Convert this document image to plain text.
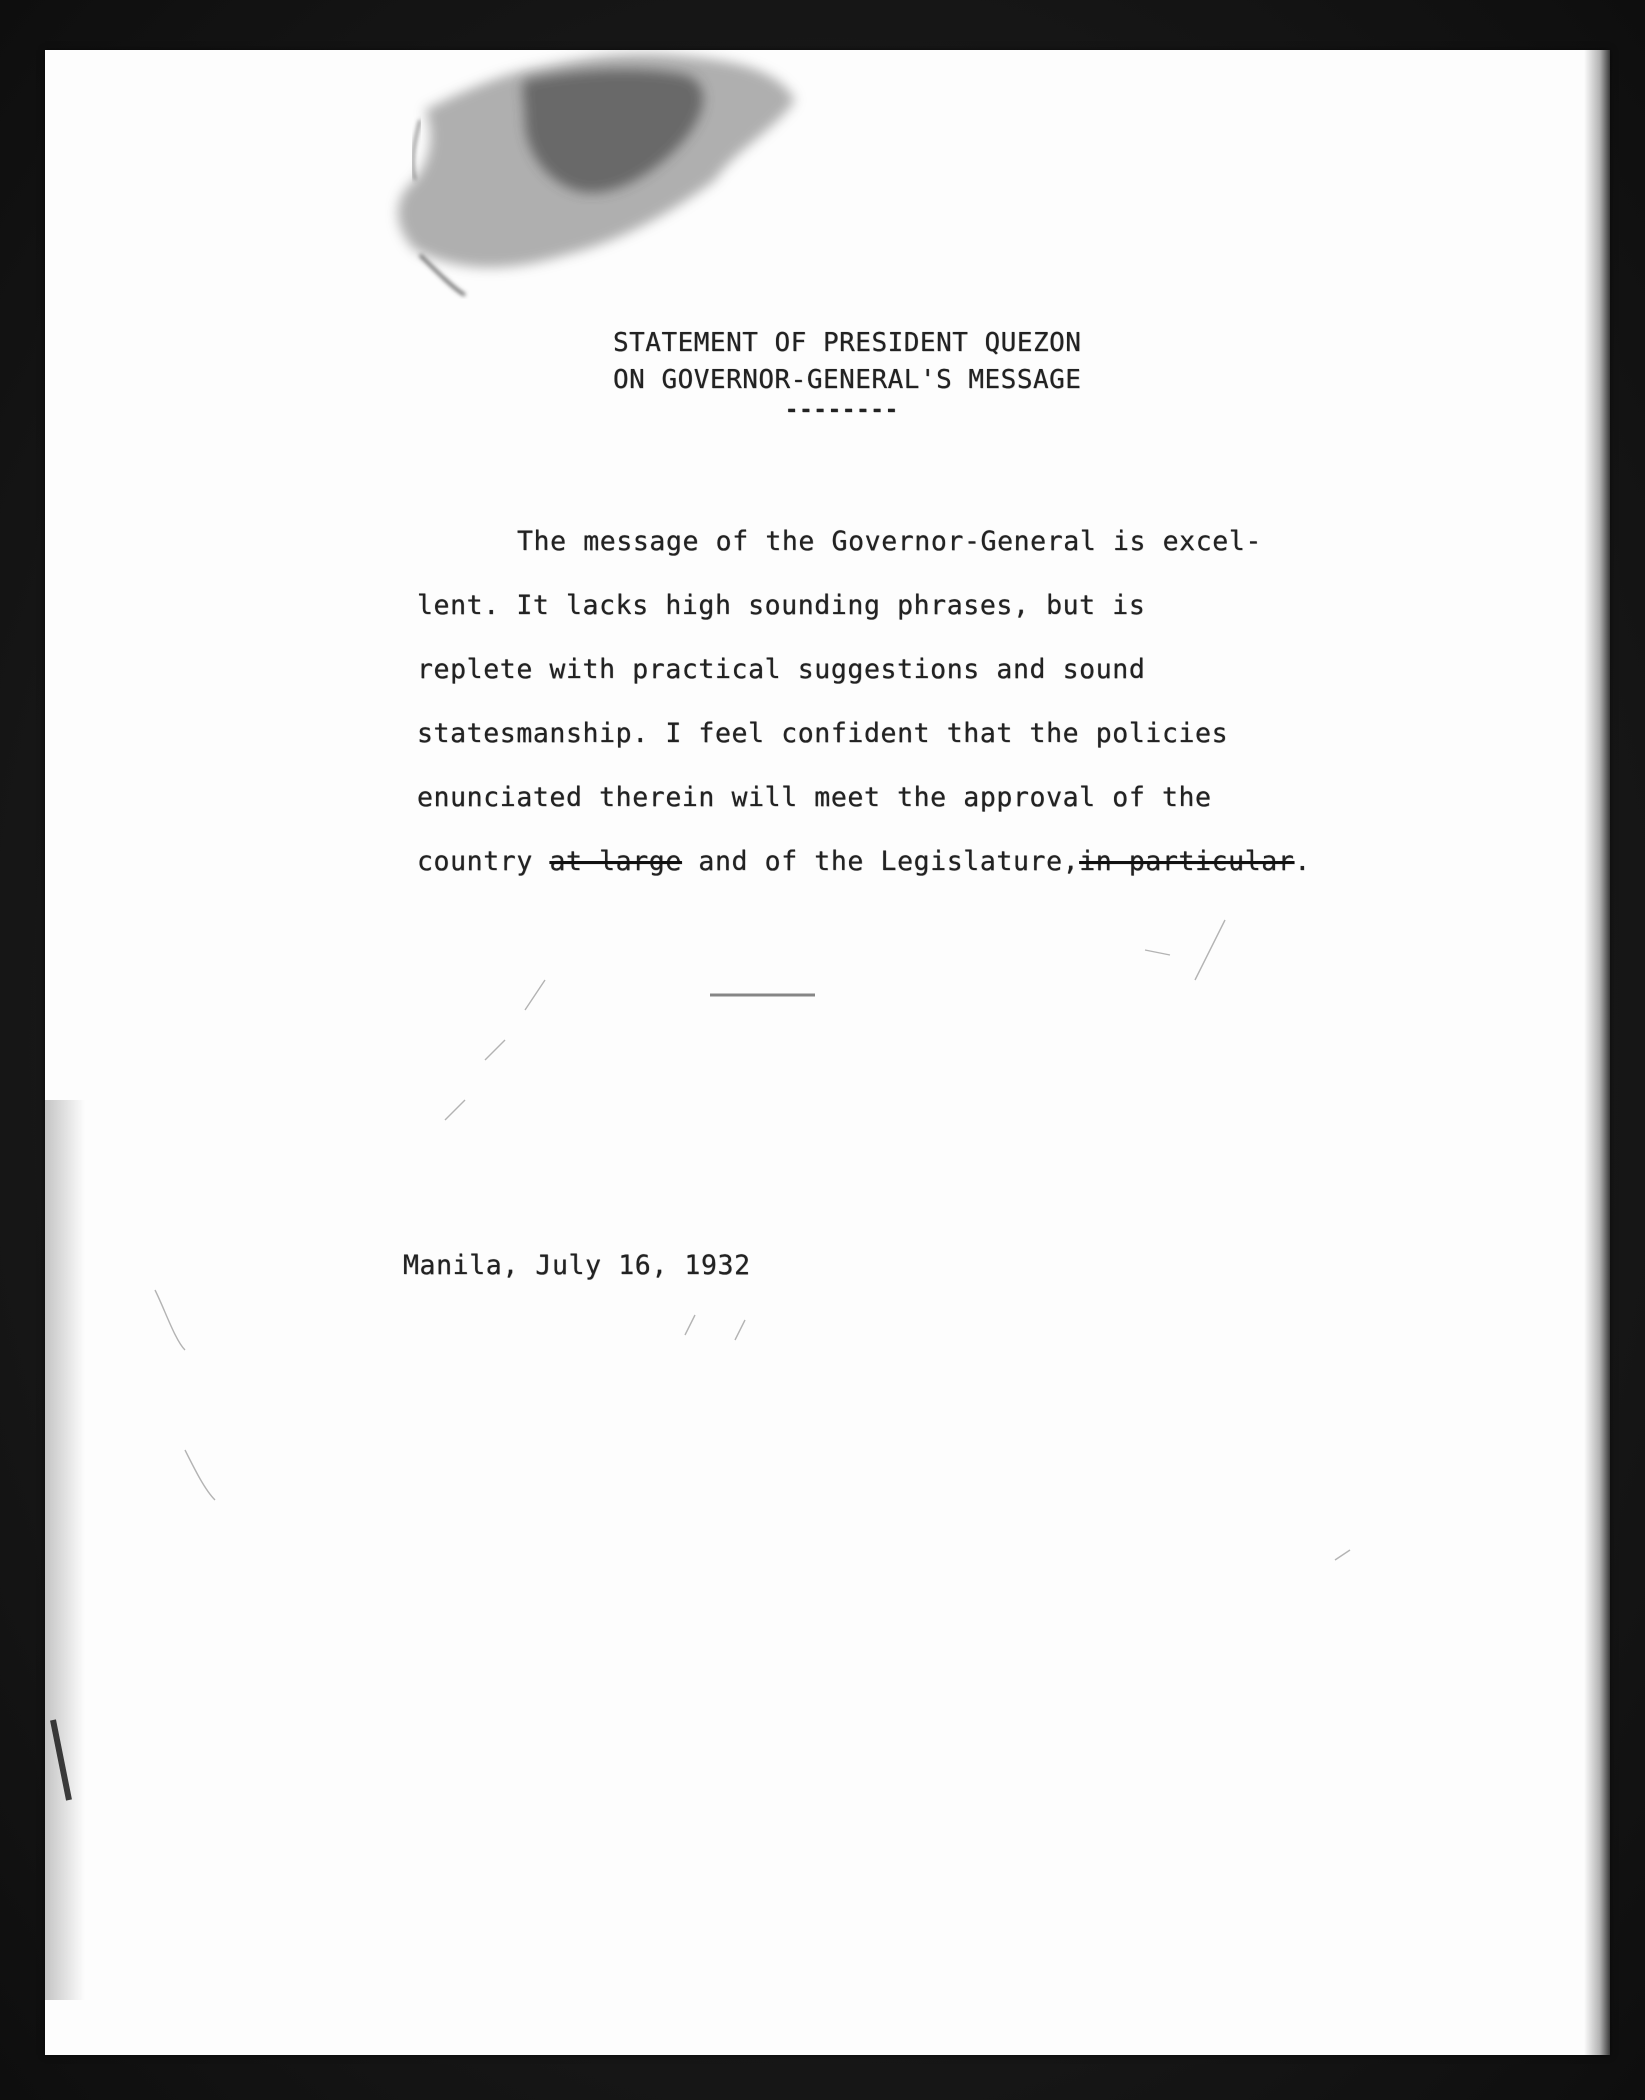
STATEMENT OF PRESIDENT QUEZON
ON GOVERNOR-GENERAL'S MESSAGE
--------
The message of the Governor-General is excel-
lent. It lacks high sounding phrases, but is
replete with practical suggestions and sound
statesmanship. I feel confident that the policies
enunciated therein will meet the approval of the
country at large and of the Legislature,in particular.
Manila, July 16, 1932
